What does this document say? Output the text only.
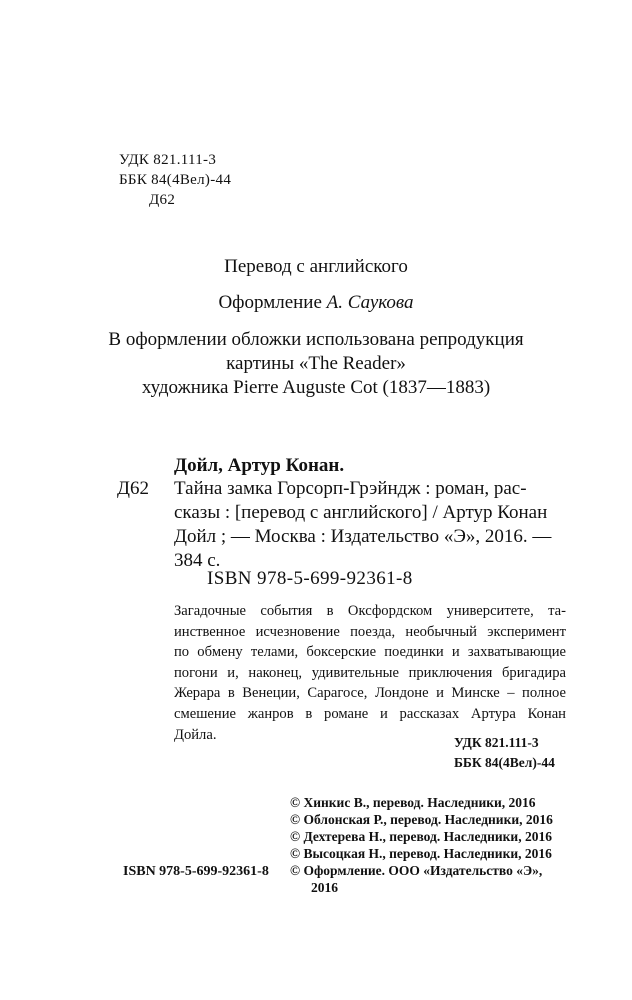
УДК 821.111-3
ББК 84(4Вел)-44
Д62
Перевод с английского
Оформление А. Саукова
В оформлении обложки использована репродукция
картины «The Reader»
художника Pierre Auguste Cot (1837—1883)
Дойл, Артур Конан.
Д62 Тайна замка Горсорп-Грэйндж : роман, рас-
сказы : [перевод с английского] / Артур Конан
Дойл ; — Москва : Издательство «Э», 2016. —
384 с.
ISBN 978-5-699-92361-8

Загадочные события в Оксфордском университете, та-
инственное исчезновение поезда, необычный эксперимент
по обмену телами, боксерские поединки и захватывающие
погони и, наконец, удивительные приключения бригадира
Жерара в Венеции, Сарагосе, Лондоне и Минске – полное
смешение жанров в романе и рассказах Артура Конан
Дойла.	УДК 821.111-3
ББК 84(4Вел)-44
© Хинкис В., перевод. Наследники, 2016
© Облонская Р., перевод. Наследники, 2016
© Дехтерева Н., перевод. Наследники, 2016
© Высоцкая Н., перевод. Наследники, 2016
© Оформление. ООО «Издательство «Э»,
2016
ISBN 978-5-699-92361-8
